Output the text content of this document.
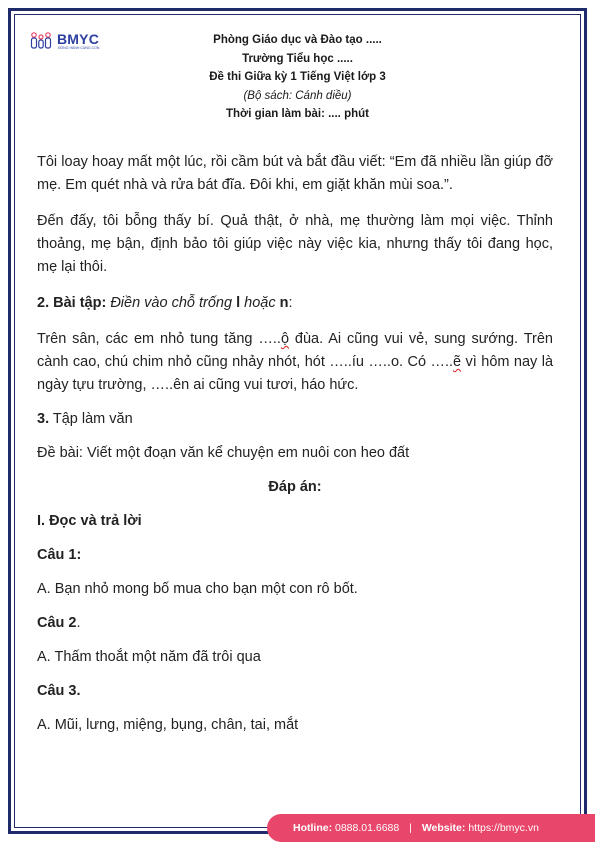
BMYC
ĐỒNG HÀNH CÙNG CON
Phòng Giáo dục và Đào tạo .....
Trường Tiểu học .....
Đề thi Giữa kỳ 1 Tiếng Việt lớp 3
(Bộ sách: Cánh diều)
Thời gian làm bài: .... phút

Tôi loay hoay mất một lúc, rồi cầm bút và bắt đầu viết: “Em đã nhiều lần giúp đỡ mẹ. Em quét nhà và rửa bát đĩa. Đôi khi, em giặt khăn mùi soa.”.

Đến đấy, tôi bỗng thấy bí. Quả thật, ở nhà, mẹ thường làm mọi việc. Thỉnh thoảng, mẹ bận, định bảo tôi giúp việc này việc kia, nhưng thấy tôi đang học, mẹ lại thôi.

2. Bài tập: Điền vào chỗ trống l hoặc n:

Trên sân, các em nhỏ tung tăng …..ộ đùa. Ai cũng vui vẻ, sung sướng. Trên cành cao, chú chim nhỏ cũng nhảy nhót, hót …..íu …..o. Có …..ẽ vì hôm nay là ngày tựu trường, …..ên ai cũng vui tươi, háo hức.

3. Tập làm văn

Đề bài: Viết một đoạn văn kể chuyện em nuôi con heo đất

Đáp án:

I. Đọc và trả lời

Câu 1:

A. Bạn nhỏ mong bố mua cho bạn một con rô bốt.

Câu 2.

A. Thấm thoắt một năm đã trôi qua

Câu 3.

A. Mũi, lưng, miệng, bụng, chân, tai, mắt

Hotline: 0888.01.6688 | Website: https://bmyc.vn
